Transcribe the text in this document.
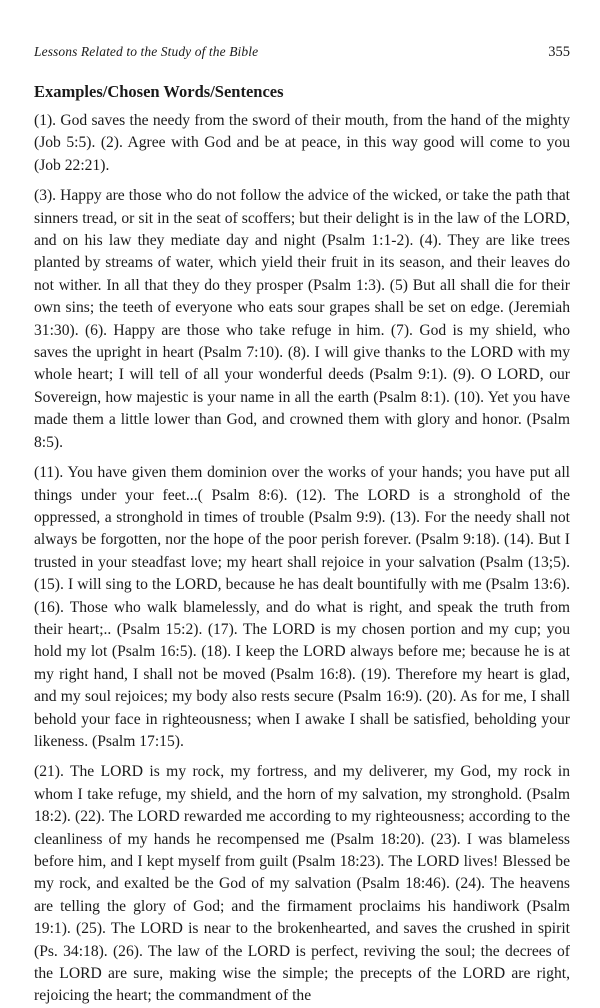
Lessons Related to the Study of the Bible	355
Examples/Chosen Words/Sentences

(1). God saves the needy from the sword of their mouth, from the hand of the mighty (Job 5:5). (2). Agree with God and be at peace, in this way good will come to you (Job 22:21).

(3). Happy are those who do not follow the advice of the wicked, or take the path that sinners tread, or sit in the seat of scoffers; but their delight is in the law of the LORD, and on his law they mediate day and night (Psalm 1:1-2). (4). They are like trees planted by streams of water, which yield their fruit in its season, and their leaves do not wither. In all that they do they prosper (Psalm 1:3). (5) But all shall die for their own sins; the teeth of everyone who eats sour grapes shall be set on edge. (Jeremiah 31:30). (6). Happy are those who take refuge in him. (7). God is my shield, who saves the upright in heart (Psalm 7:10). (8). I will give thanks to the LORD with my whole heart; I will tell of all your wonderful deeds (Psalm 9:1). (9). O LORD, our Sovereign, how majestic is your name in all the earth (Psalm 8:1). (10). Yet you have made them a little lower than God, and crowned them with glory and honor. (Psalm 8:5).

(11). You have given them dominion over the works of your hands; you have put all things under your feet...( Psalm 8:6). (12). The LORD is a stronghold of the oppressed, a stronghold in times of trouble (Psalm 9:9). (13). For the needy shall not always be forgotten, nor the hope of the poor perish forever. (Psalm 9:18). (14). But I trusted in your steadfast love; my heart shall rejoice in your salvation (Psalm (13;5). (15). I will sing to the LORD, because he has dealt bountifully with me (Psalm 13:6). (16). Those who walk blamelessly, and do what is right, and speak the truth from their heart;.. (Psalm 15:2). (17). The LORD is my chosen portion and my cup; you hold my lot (Psalm 16:5). (18). I keep the LORD always before me; because he is at my right hand, I shall not be moved (Psalm 16:8). (19). Therefore my heart is glad, and my soul rejoices; my body also rests secure (Psalm 16:9). (20). As for me, I shall behold your face in righteousness; when I awake I shall be satisfied, beholding your likeness. (Psalm 17:15).

(21). The LORD is my rock, my fortress, and my deliverer, my God, my rock in whom I take refuge, my shield, and the horn of my salvation, my stronghold. (Psalm 18:2). (22). The LORD rewarded me according to my righteousness; according to the cleanliness of my hands he recompensed me (Psalm 18:20). (23). I was blameless before him, and I kept myself from guilt (Psalm 18:23). The LORD lives! Blessed be my rock, and exalted be the God of my salvation (Psalm 18:46). (24). The heavens are telling the glory of God; and the firmament proclaims his handiwork (Psalm 19:1). (25). The LORD is near to the brokenhearted, and saves the crushed in spirit (Ps. 34:18). (26). The law of the LORD is perfect, reviving the soul; the decrees of the LORD are sure, making wise the simple; the precepts of the LORD are right, rejoicing the heart; the commandment of the
